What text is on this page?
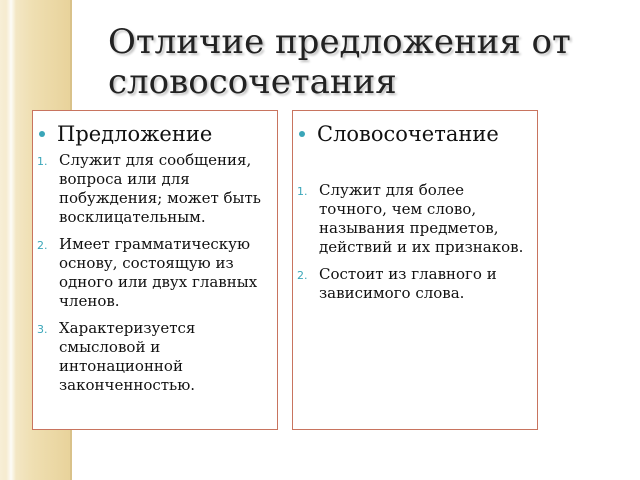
Отличие предложения от словосочетания
Предложение
1. Служит для сообщения, вопроса или для побуждения; может быть восклицательным.
2. Имеет грамматическую основу, состоящую из одного или двух главных членов.
3. Характеризуется смысловой и интонационной законченностью.
Словосочетание
1. Служит для более точного, чем слово, называния предметов, действий и их признаков.
2. Состоит из главного и зависимого слова.
